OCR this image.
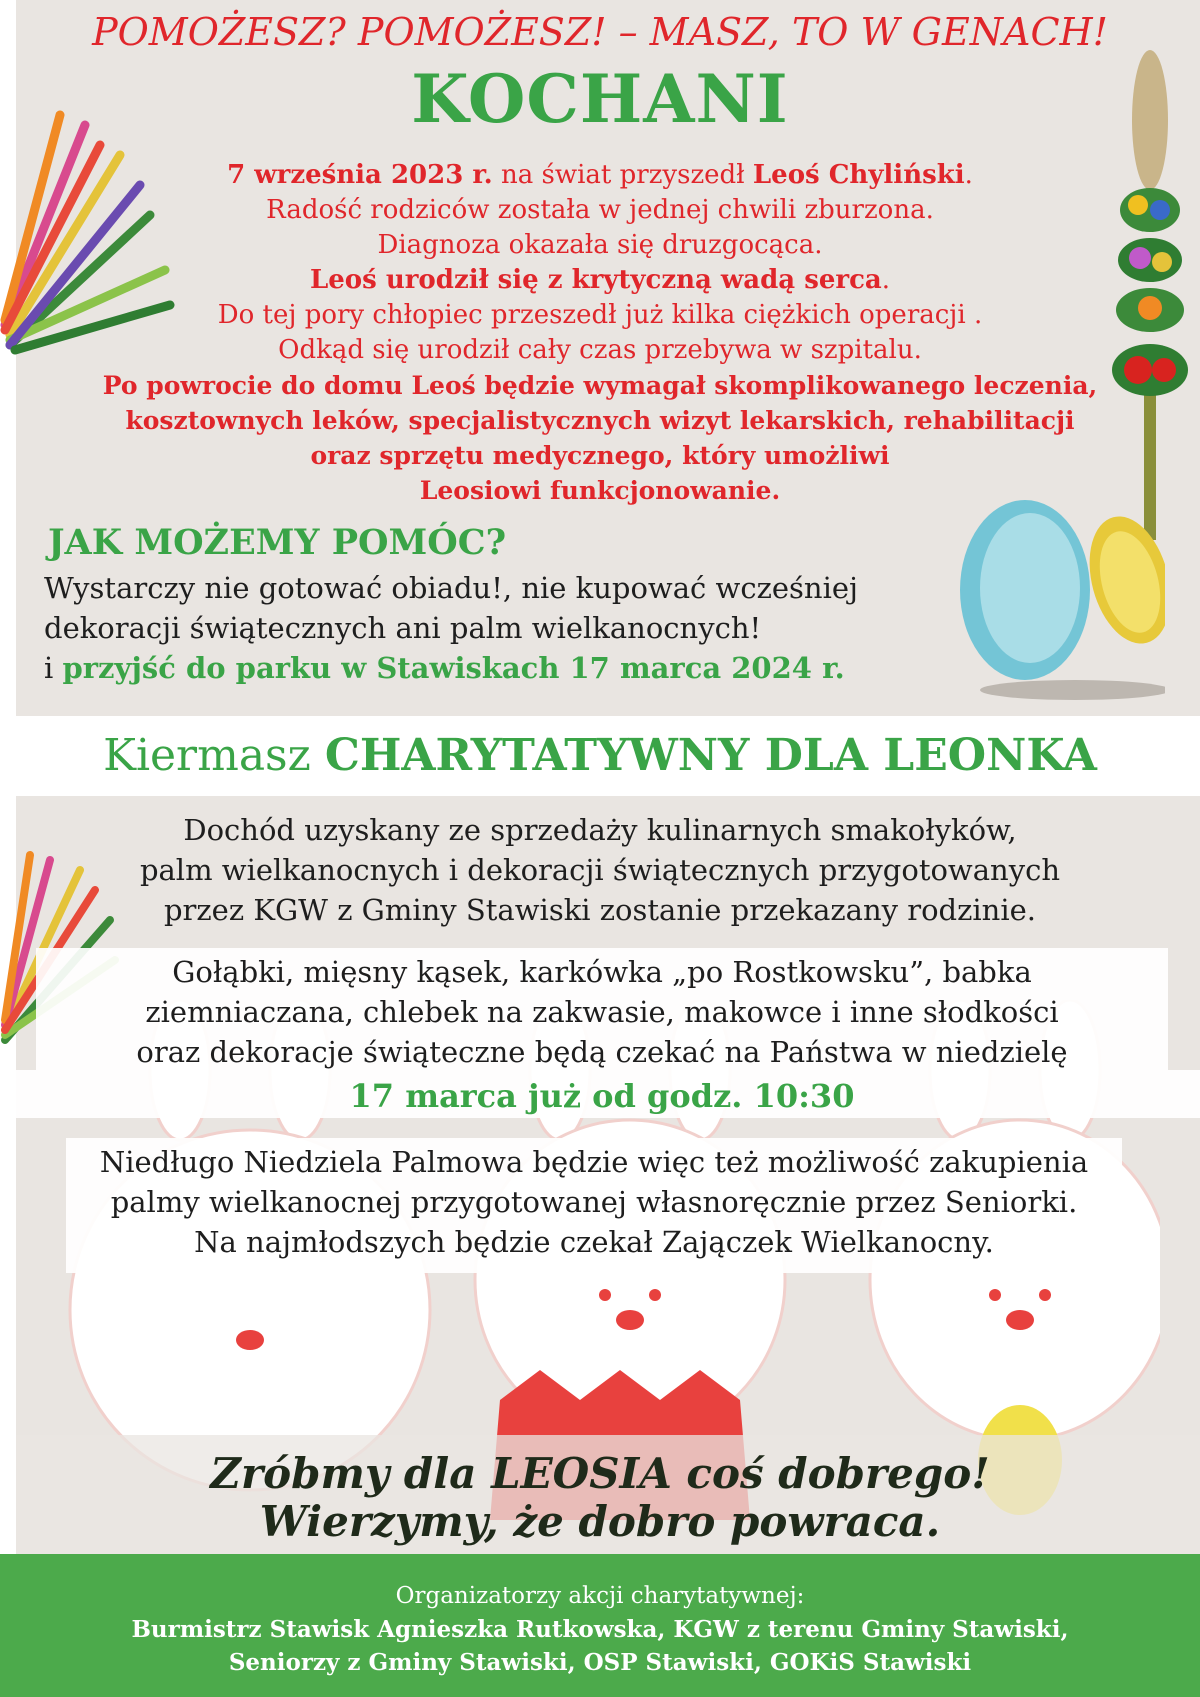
POMOŻESZ? POMOŻESZ! – MASZ, TO W GENACH!
KOCHANI
7 września 2023 r. na świat przyszedł Leoś Chyliński.
Radość rodziców została w jednej chwili zburzona.
Diagnoza okazała się druzgocąca.
Leoś urodził się z krytyczną wadą serca.
Do tej pory chłopiec przeszedł już kilka ciężkich operacji .
Odkąd się urodził cały czas przebywa w szpitalu.
Po powrocie do domu Leoś będzie wymagał skomplikowanego leczenia,
kosztownych leków, specjalistycznych wizyt lekarskich, rehabilitacji
oraz sprzętu medycznego, który umożliwi
Leosiowi funkcjonowanie.
JAK MOŻEMY POMÓC?
Wystarczy nie gotować obiadu!, nie kupować wcześniej
dekoracji świątecznych ani palm wielkanocnych!
i przyjść do parku w Stawiskach 17 marca 2024 r.
Kiermasz CHARYTATYWNY DLA LEONKA
Dochód uzyskany ze sprzedaży kulinarnych smakołyków,
palm wielkanocnych i dekoracji świątecznych przygotowanych
przez KGW z Gminy Stawiski zostanie przekazany rodzinie.
Gołąbki, mięsny kąsek, karkówka „po Rostkowsku”, babka
ziemniaczana, chlebek na zakwasie, makowce i inne słodkości
oraz dekoracje świąteczne będą czekać na Państwa w niedzielę
17 marca już od godz. 10:30
Niedługo Niedziela Palmowa będzie więc też możliwość zakupienia
palmy wielkanocnej przygotowanej własnoręcznie przez Seniorki.
Na najmłodszych będzie czekał Zajączek Wielkanocny.
Zróbmy dla LEOSIA coś dobrego!
Wierzymy, że dobro powraca.
Organizatorzy akcji charytatywnej:
Burmistrz Stawisk Agnieszka Rutkowska, KGW z terenu Gminy Stawiski,
Seniorzy z Gminy Stawiski, OSP Stawiski, GOKiS Stawiski
